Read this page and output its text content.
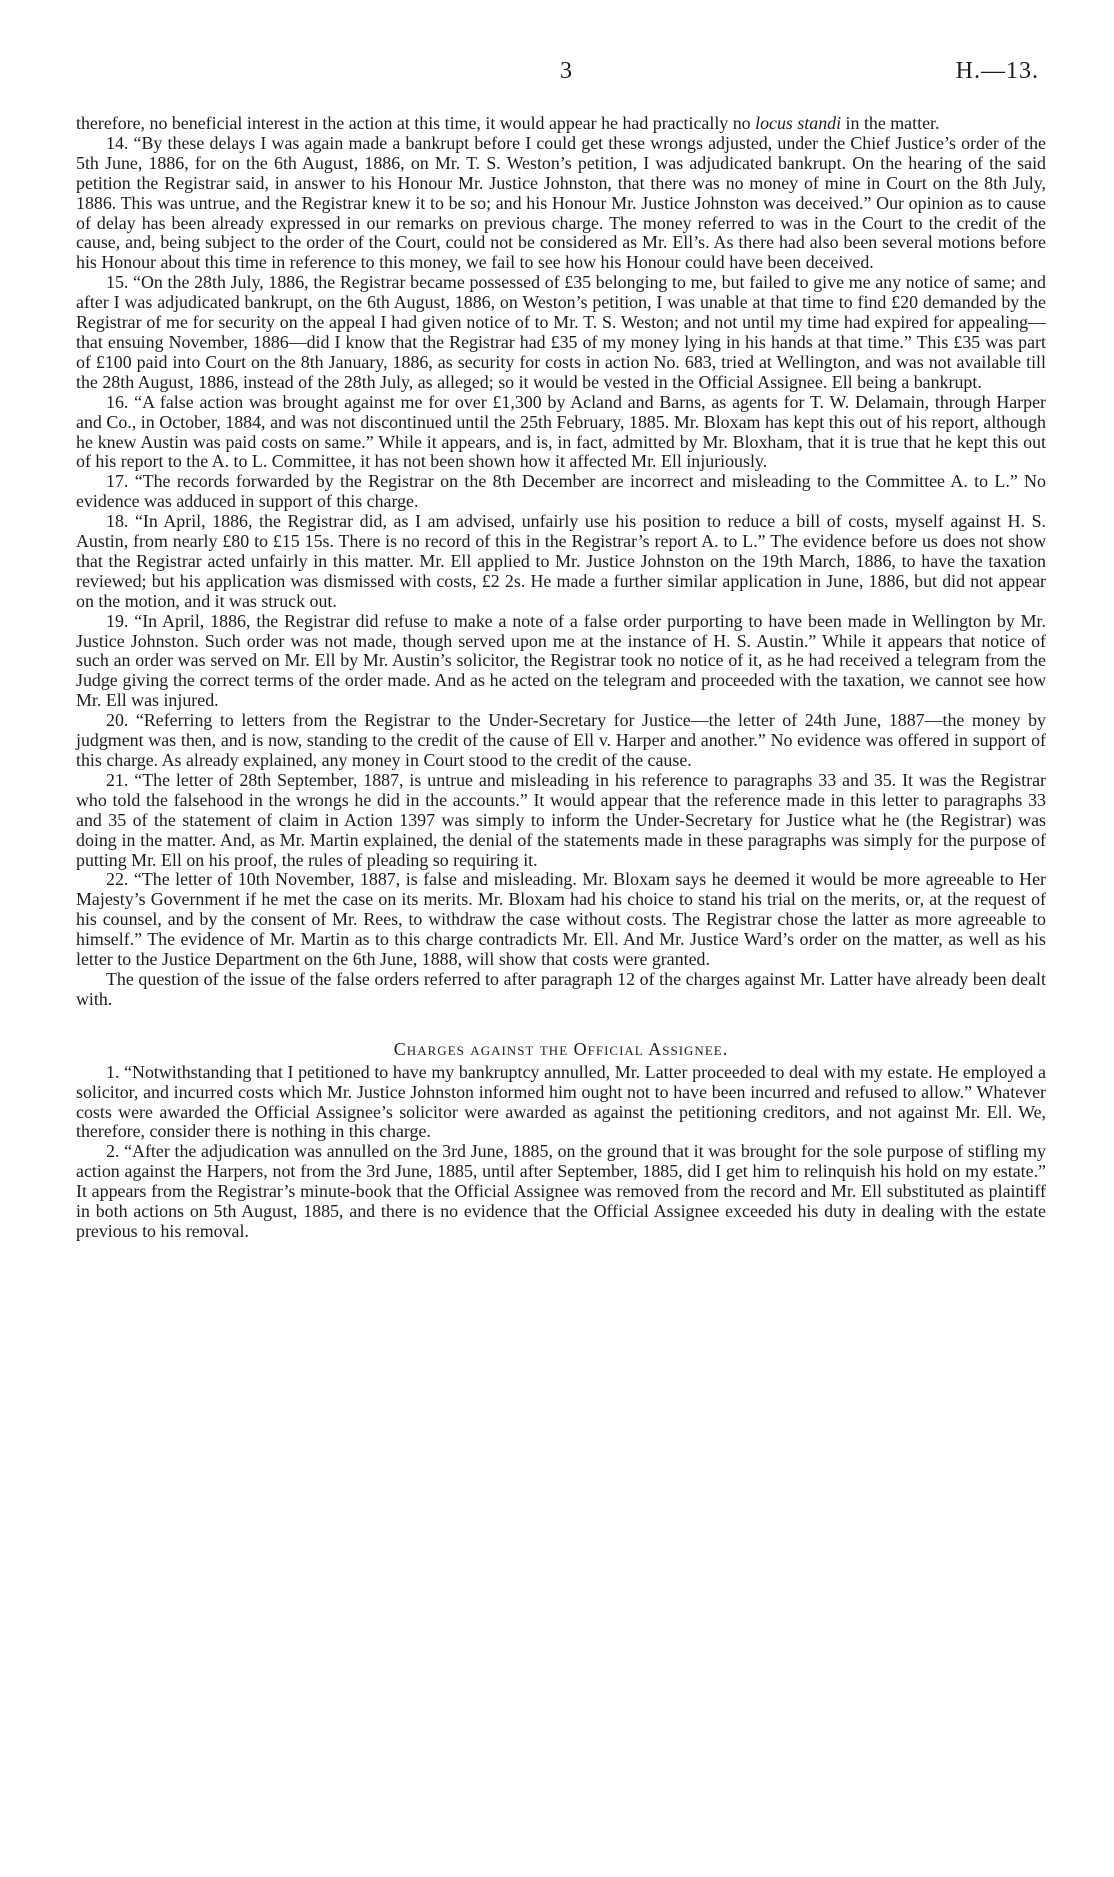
3	H.—13.

therefore, no beneficial interest in the action at this time, it would appear he had practically no locus standi in the matter.

14. “By these delays I was again made a bankrupt before I could get these wrongs adjusted, under the Chief Justice’s order of the 5th June, 1886, for on the 6th August, 1886, on Mr. T. S. Weston’s petition, I was adjudicated bankrupt. On the hearing of the said petition the Registrar said, in answer to his Honour Mr. Justice Johnston, that there was no money of mine in Court on the 8th July, 1886. This was untrue, and the Registrar knew it to be so; and his Honour Mr. Justice Johnston was deceived.” Our opinion as to cause of delay has been already expressed in our remarks on previous charge. The money referred to was in the Court to the credit of the cause, and, being subject to the order of the Court, could not be considered as Mr. Ell’s. As there had also been several motions before his Honour about this time in reference to this money, we fail to see how his Honour could have been deceived.

15. “On the 28th July, 1886, the Registrar became possessed of £35 belonging to me, but failed to give me any notice of same; and after I was adjudicated bankrupt, on the 6th August, 1886, on Weston’s petition, I was unable at that time to find £20 demanded by the Registrar of me for security on the appeal I had given notice of to Mr. T. S. Weston; and not until my time had expired for appealing—that ensuing November, 1886—did I know that the Registrar had £35 of my money lying in his hands at that time.” This £35 was part of £100 paid into Court on the 8th January, 1886, as security for costs in action No. 683, tried at Wellington, and was not available till the 28th August, 1886, instead of the 28th July, as alleged; so it would be vested in the Official Assignee. Ell being a bankrupt.

16. “A false action was brought against me for over £1,300 by Acland and Barns, as agents for T. W. Delamain, through Harper and Co., in October, 1884, and was not discontinued until the 25th February, 1885. Mr. Bloxam has kept this out of his report, although he knew Austin was paid costs on same.” While it appears, and is, in fact, admitted by Mr. Bloxham, that it is true that he kept this out of his report to the A. to L. Committee, it has not been shown how it affected Mr. Ell injuriously.

17. “The records forwarded by the Registrar on the 8th December are incorrect and misleading to the Committee A. to L.” No evidence was adduced in support of this charge.

18. “In April, 1886, the Registrar did, as I am advised, unfairly use his position to reduce a bill of costs, myself against H. S. Austin, from nearly £80 to £15 15s. There is no record of this in the Registrar’s report A. to L.” The evidence before us does not show that the Registrar acted unfairly in this matter. Mr. Ell applied to Mr. Justice Johnston on the 19th March, 1886, to have the taxation reviewed; but his application was dismissed with costs, £2 2s. He made a further similar application in June, 1886, but did not appear on the motion, and it was struck out.

19. “In April, 1886, the Registrar did refuse to make a note of a false order purporting to have been made in Wellington by Mr. Justice Johnston. Such order was not made, though served upon me at the instance of H. S. Austin.” While it appears that notice of such an order was served on Mr. Ell by Mr. Austin’s solicitor, the Registrar took no notice of it, as he had received a telegram from the Judge giving the correct terms of the order made. And as he acted on the telegram and proceeded with the taxation, we cannot see how Mr. Ell was injured.

20. “Referring to letters from the Registrar to the Under-Secretary for Justice—the letter of 24th June, 1887—the money by judgment was then, and is now, standing to the credit of the cause of Ell v. Harper and another.” No evidence was offered in support of this charge. As already explained, any money in Court stood to the credit of the cause.

21. “The letter of 28th September, 1887, is untrue and misleading in his reference to paragraphs 33 and 35. It was the Registrar who told the falsehood in the wrongs he did in the accounts.” It would appear that the reference made in this letter to paragraphs 33 and 35 of the statement of claim in Action 1397 was simply to inform the Under-Secretary for Justice what he (the Registrar) was doing in the matter. And, as Mr. Martin explained, the denial of the statements made in these paragraphs was simply for the purpose of putting Mr. Ell on his proof, the rules of pleading so requiring it.

22. “The letter of 10th November, 1887, is false and misleading. Mr. Bloxam says he deemed it would be more agreeable to Her Majesty’s Government if he met the case on its merits. Mr. Bloxam had his choice to stand his trial on the merits, or, at the request of his counsel, and by the consent of Mr. Rees, to withdraw the case without costs. The Registrar chose the latter as more agreeable to himself.” The evidence of Mr. Martin as to this charge contradicts Mr. Ell. And Mr. Justice Ward’s order on the matter, as well as his letter to the Justice Department on the 6th June, 1888, will show that costs were granted.

The question of the issue of the false orders referred to after paragraph 12 of the charges against Mr. Latter have already been dealt with.

Charges against the Official Assignee.

1. “Notwithstanding that I petitioned to have my bankruptcy annulled, Mr. Latter proceeded to deal with my estate. He employed a solicitor, and incurred costs which Mr. Justice Johnston informed him ought not to have been incurred and refused to allow.” Whatever costs were awarded the Official Assignee’s solicitor were awarded as against the petitioning creditors, and not against Mr. Ell. We, therefore, consider there is nothing in this charge.

2. “After the adjudication was annulled on the 3rd June, 1885, on the ground that it was brought for the sole purpose of stifling my action against the Harpers, not from the 3rd June, 1885, until after September, 1885, did I get him to relinquish his hold on my estate.” It appears from the Registrar’s minute-book that the Official Assignee was removed from the record and Mr. Ell substituted as plaintiff in both actions on 5th August, 1885, and there is no evidence that the Official Assignee exceeded his duty in dealing with the estate previous to his removal.
